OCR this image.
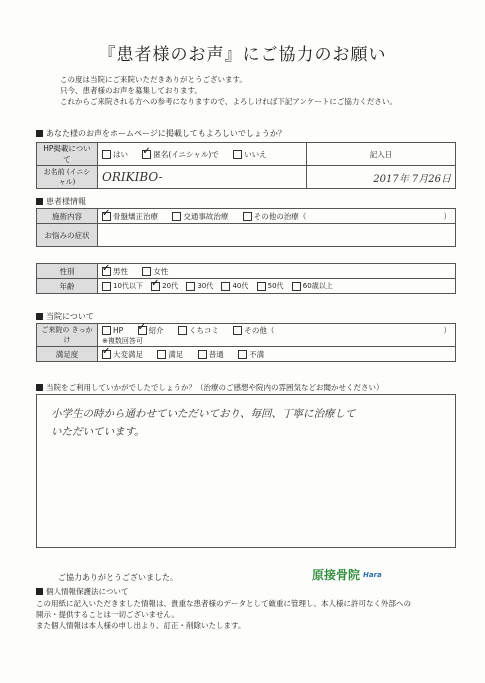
『患者様のお声』にご協力のお願い
この度は当院にご来院いただきありがとうございます。
只今、患者様のお声を募集しております。
これからご来院される方への参考になりますので、よろしければ下記アンケートにご協力ください。
あなた様のお声をホームページに掲載してもよろしいでしょうか？
HP掲載について	はい ✓ 匿名(イニシャル)で いいえ	記入日
お名前 (イニシャル)	ORIKIBO-	2017年 7月26日
患者様情報
施術内容	✓ 骨盤矯正治療 交通事故治療 その他の治療（ ）

お悩みの症状	
性別	✓ 男性 女性
年齢	10代以下 ✓ 20代 30代 40代 50代 60歳以上
当院について
ご来院の きっかけ	HP ✓ 紹介 くちコミ その他（ ）
※複数回答可

満足度	✓ 大変満足 満足 普通 不満
当院をご利用していかがでしたでしょうか？（治療のご感想や院内の雰囲気などお聞かせください）
小学生の時から通わせていただいており、毎回、丁寧に治療して
いただいています。
ご協力ありがとうございました。	原接骨院 Hara
個人情報保護法について
この用紙に記入いただきました情報は、貴重な患者様のデータとして厳重に管理し、本人様に許可なく外部への
開示・提供することは一切ございません。
また個人情報は本人様の申し出より、訂正・削除いたします。
